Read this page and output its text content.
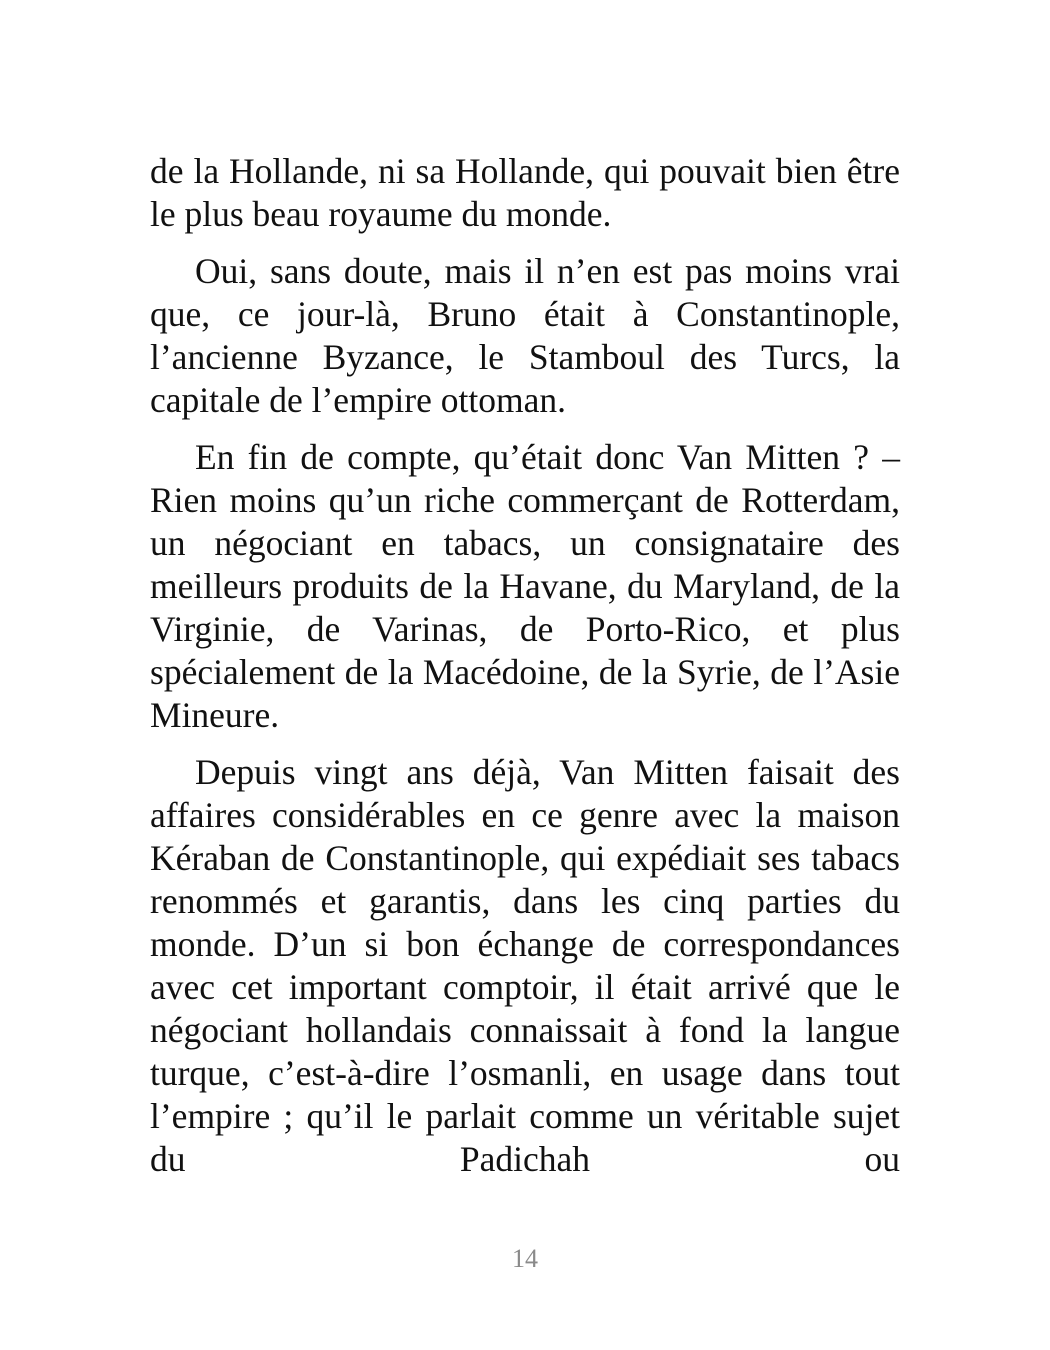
de la Hollande, ni sa Hollande, qui pouvait bien être le plus beau royaume du monde.

Oui, sans doute, mais il n’en est pas moins vrai que, ce jour-là, Bruno était à Constantinople, l’ancienne Byzance, le Stamboul des Turcs, la capitale de l’empire ottoman.

En fin de compte, qu’était donc Van Mitten ? – Rien moins qu’un riche commerçant de Rotterdam, un négociant en tabacs, un consignataire des meilleurs produits de la Havane, du Maryland, de la Virginie, de Varinas, de Porto-Rico, et plus spécialement de la Macédoine, de la Syrie, de l’Asie Mineure.

Depuis vingt ans déjà, Van Mitten faisait des affaires considérables en ce genre avec la maison Kéraban de Constantinople, qui expédiait ses tabacs renommés et garantis, dans les cinq parties du monde. D’un si bon échange de correspondances avec cet important comptoir, il était arrivé que le négociant hollandais connaissait à fond la langue turque, c’est-à-dire l’osmanli, en usage dans tout l’empire ; qu’il le parlait comme un véritable sujet du Padichah ou

14
